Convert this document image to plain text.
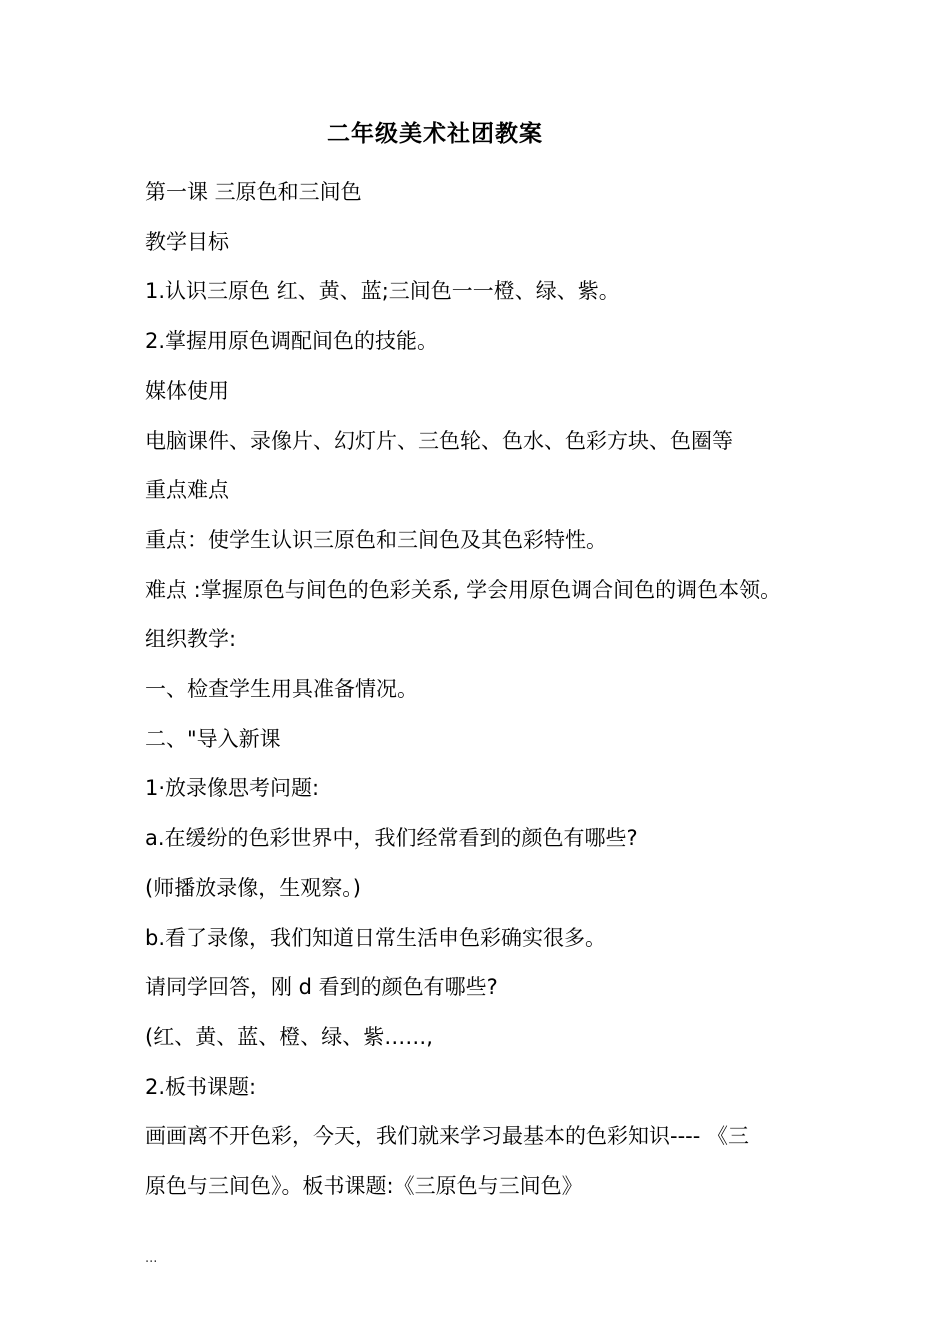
二年级美术社团教案
第一课 三原色和三间色
教学目标
1.认识三原色 红、黄、蓝;三间色一一橙、绿、紫。
2.掌握用原色调配间色的技能。
媒体使用
电脑课件、录像片、幻灯片、三色轮、色水、色彩方块、色圈等
重点难点
重点：使学生认识三原色和三间色及其色彩特性。
难点 :掌握原色与间色的色彩关系, 学会用原色调合间色的调色本领。
组织教学:
一、检查学生用具准备情况。
二、"导入新课
1·放录像思考问题:
a.在缓纷的色彩世界中，我们经常看到的颜色有哪些?
(师播放录像，生观察。)
b.看了录像，我们知道日常生活申色彩确实很多。
请同学回答，刚 d 看到的颜色有哪些?
(红、黄、蓝、橙、绿、紫……,
2.板书课题:
画画离不开色彩，今天，我们就来学习最基本的色彩知识---- 《三
原色与三间色》。板书课题:《三原色与三间色》
...
